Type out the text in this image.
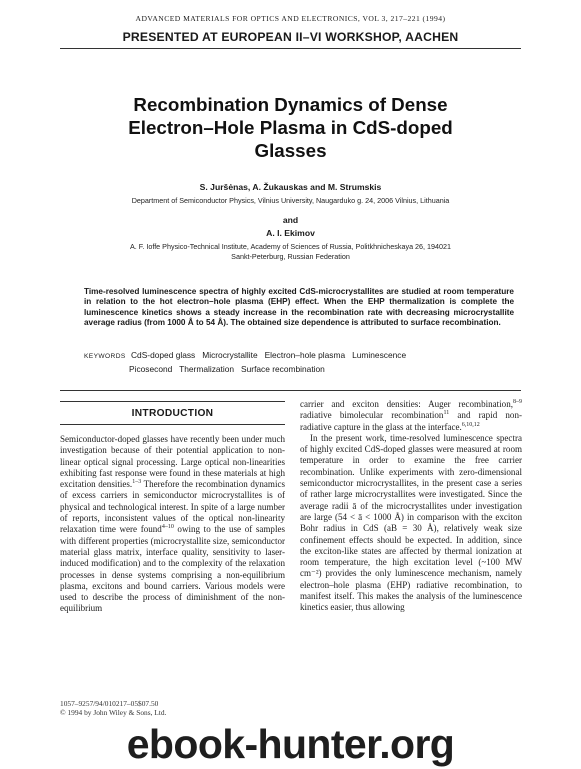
ADVANCED MATERIALS FOR OPTICS AND ELECTRONICS, VOL 3, 217–221 (1994)
PRESENTED AT EUROPEAN II–VI WORKSHOP, AACHEN
Recombination Dynamics of Dense
Electron–Hole Plasma in CdS-doped
Glasses
S. Juršėnas, A. Žukauskas and M. Strumskis
Department of Semiconductor Physics, Vilnius University, Naugarduko g. 24, 2006 Vilnius, Lithuania
and
A. I. Ekimov
A. F. Ioffe Physico-Technical Institute, Academy of Sciences of Russia, Politkhnicheskaya 26, 194021
Sankt-Peterburg, Russian Federation
Time-resolved luminescence spectra of highly excited CdS-microcrystallites are studied at room temperature in relation to the hot electron–hole plasma (EHP) effect. When the EHP thermalization is complete the luminescence kinetics shows a steady increase in the recombination rate with decreasing microcrystallite average radius (from 1000 Å to 54 Å). The obtained size dependence is attributed to surface recombination.
KEYWORDS CdS-doped glass   Microcrystallite   Electron–hole plasma   Luminescence
Picosecond   Thermalization   Surface recombination
INTRODUCTION

Semiconductor-doped glasses have recently been under much investigation because of their potential application to non-linear optical signal processing. Large optical non-linearities exhibiting fast response were found in these materials at high excitation densities.$^{1-3}$ Therefore the recombination dynamics of excess carriers in semiconductor microcrystallites is of physical and technological interest. In spite of a large number of reports, inconsistent values of the optical non-linearity relaxation time were found$^{4-10}$ owing to the use of samples with different properties (microcrystallite size, semiconductor material glass matrix, interface quality, sensitivity to laser-induced modification) and to the complexity of the relaxation processes in dense systems comprising a non-equilibrium plasma, excitons and bound carriers. Various models were used to describe the process of diminishment of the non-equilibrium

carrier and exciton densities: Auger recombination,$^{8-9}$ radiative bimolecular recombination$^{11}$ and rapid non-radiative capture in the glass at the interface.$^{6,10,12}$

In the present work, time-resolved luminescence spectra of highly excited CdS-doped glasses were measured at room temperature in order to examine the free carrier recombination. Unlike experiments with zero-dimensional semiconductor microcrystallites, in the present case a series of rather large microcrystallites were investigated. Since the average radii ā of the microcrystallites under investigation are large (54 < ā < 1000 Å) in comparison with the exciton Bohr radius in CdS (aB = 30 Å), relatively weak size confinement effects should be expected. In addition, since the exciton-like states are affected by thermal ionization at room temperature, the high excitation level (~100 MW cm⁻²) provides the only luminescence mechanism, namely electron–hole plasma (EHP) radiative recombination, to manifest itself. This makes the analysis of the luminescence kinetics easier, thus allowing

1057–9257/94/010217–05$07.50
© 1994 by John Wiley & Sons, Ltd.
ebook-hunter.org
